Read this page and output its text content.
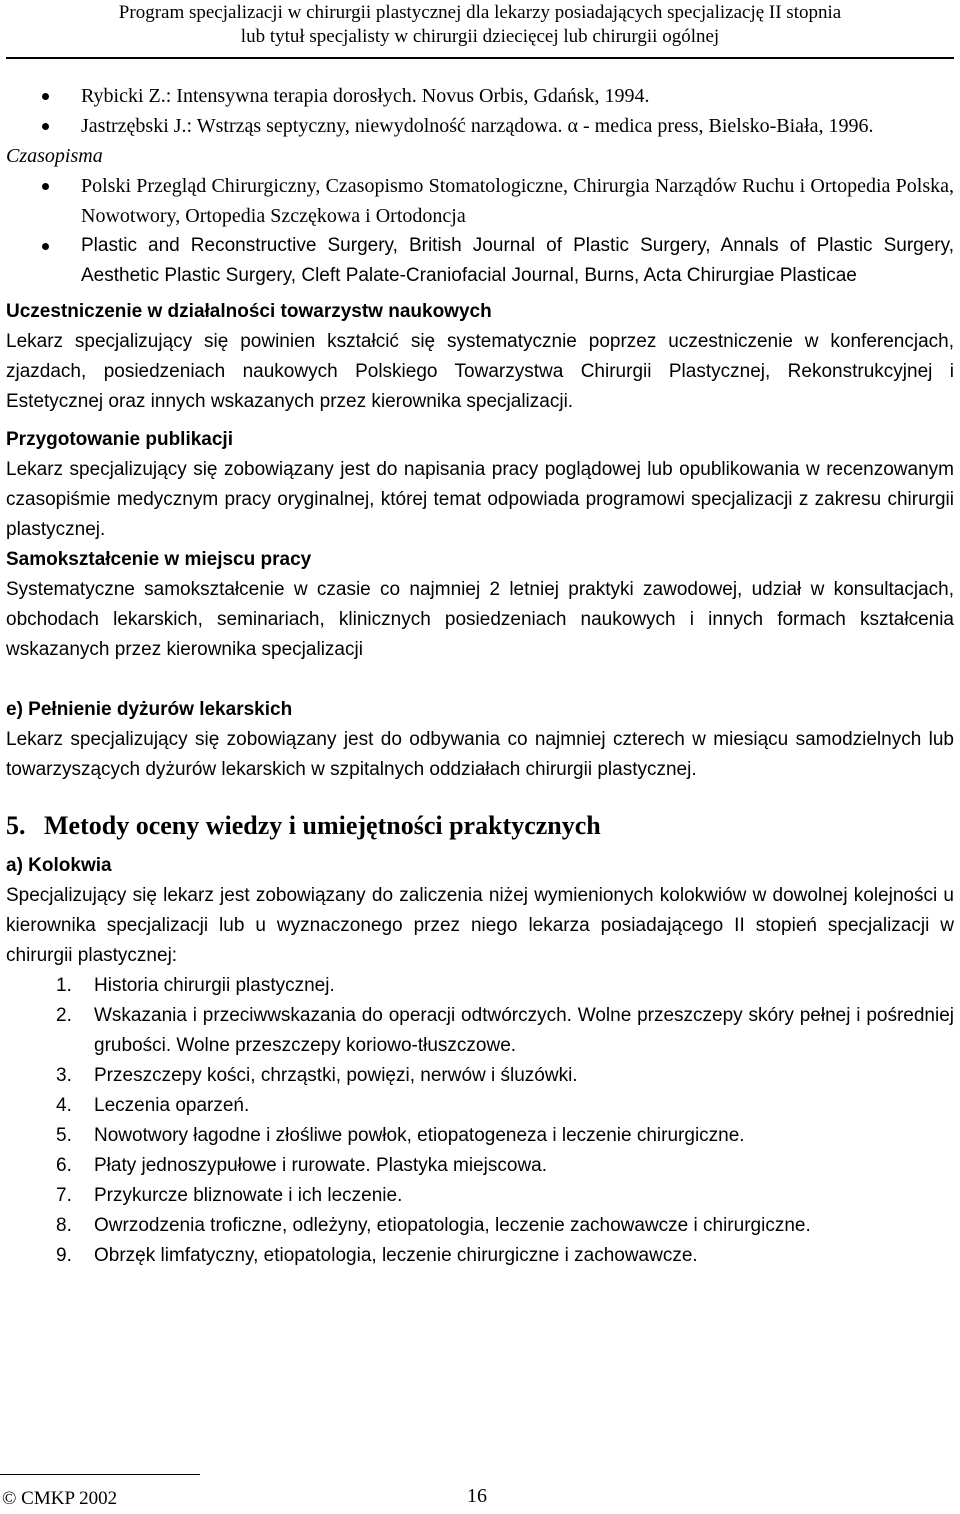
Program specjalizacji w chirurgii plastycznej dla lekarzy posiadających specjalizację II stopnia
lub tytuł specjalisty w chirurgii dziecięcej lub chirurgii ogólnej
Rybicki Z.: Intensywna terapia dorosłych. Novus Orbis, Gdańsk, 1994.
Jastrzębski J.: Wstrząs septyczny, niewydolność narządowa. α - medica press, Bielsko-Biała, 1996.
Czasopisma
Polski Przegląd Chirurgiczny, Czasopismo Stomatologiczne, Chirurgia Narządów Ruchu i Ortopedia Polska, Nowotwory, Ortopedia Szczękowa i Ortodoncja
Plastic and Reconstructive Surgery, British Journal of Plastic Surgery, Annals of Plastic Surgery, Aesthetic Plastic Surgery, Cleft Palate-Craniofacial Journal, Burns, Acta Chirurgiae Plasticae
Uczestniczenie w działalności towarzystw naukowych
Lekarz specjalizujący się powinien kształcić się systematycznie poprzez uczestniczenie w konferencjach, zjazdach, posiedzeniach naukowych Polskiego Towarzystwa Chirurgii Plastycznej, Rekonstrukcyjnej i Estetycznej oraz innych wskazanych przez kierownika specjalizacji.
Przygotowanie publikacji
Lekarz specjalizujący się zobowiązany jest do napisania pracy poglądowej lub opublikowania w recenzowanym czasopiśmie medycznym pracy oryginalnej, której temat odpowiada programowi specjalizacji z zakresu chirurgii plastycznej.
Samokształcenie w miejscu pracy
Systematyczne samokształcenie w czasie co najmniej 2 letniej praktyki zawodowej, udział w konsultacjach, obchodach lekarskich, seminariach, klinicznych posiedzeniach naukowych i innych formach kształcenia wskazanych przez kierownika specjalizacji
e) Pełnienie dyżurów lekarskich
Lekarz specjalizujący się zobowiązany jest do odbywania co najmniej czterech w miesiącu samodzielnych lub towarzyszących dyżurów lekarskich w szpitalnych oddziałach chirurgii plastycznej.
5. Metody oceny wiedzy i umiejętności praktycznych
a) Kolokwia
Specjalizujący się lekarz jest zobowiązany do zaliczenia niżej wymienionych kolokwiów w dowolnej kolejności u kierownika specjalizacji lub u wyznaczonego przez niego lekarza posiadającego II stopień specjalizacji w chirurgii plastycznej:
1. Historia chirurgii plastycznej.
2. Wskazania i przeciwwskazania do operacji odtwórczych. Wolne przeszczepy skóry pełnej i pośredniej grubości. Wolne przeszczepy koriowo-tłuszczowe.
3. Przeszczepy kości, chrząstki, powięzi, nerwów i śluzówki.
4. Leczenia oparzeń.
5. Nowotwory łagodne i złośliwe powłok, etiopatogeneza i leczenie chirurgiczne.
6. Płaty jednoszypułowe i rurowate. Plastyka miejscowa.
7. Przykurcze bliznowate i ich leczenie.
8. Owrzodzenia troficzne, odleżyny, etiopatologia, leczenie zachowawcze i chirurgiczne.
9. Obrzęk limfatyczny, etiopatologia, leczenie chirurgiczne i zachowawcze.
© CMKP 2002	16
